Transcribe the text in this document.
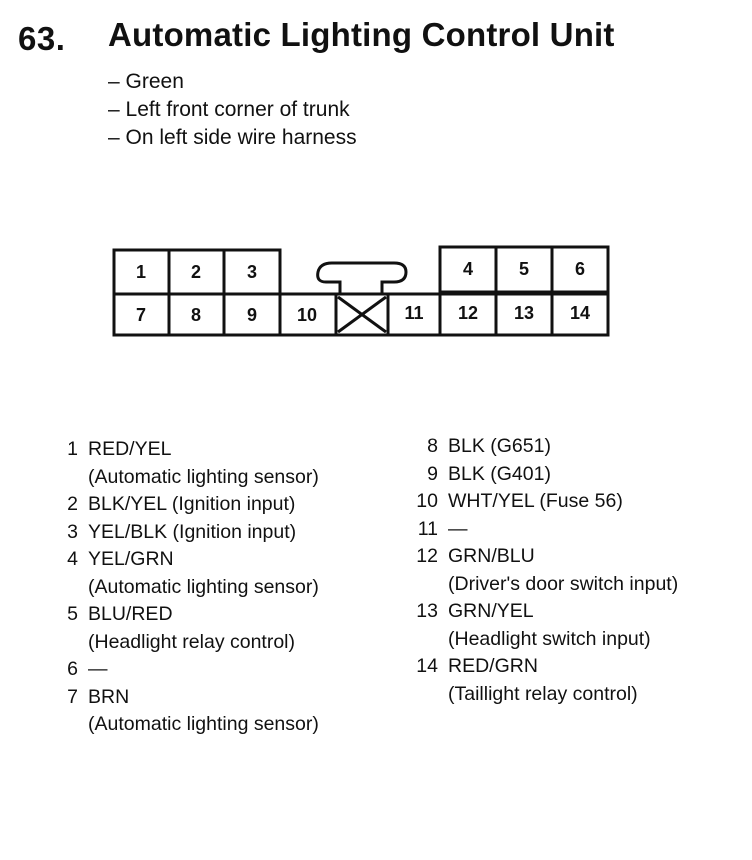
63. Automatic Lighting Control Unit
– Green
– Left front corner of trunk
– On left side wire harness
1 2	3	4	5	6
7 8	9 10	11 12 13 14
1 RED/YEL
(Automatic lighting sensor)
2 BLK/YEL (Ignition input)
3 YEL/BLK (Ignition input)
4 YEL/GRN
(Automatic lighting sensor)
5 BLU/RED
(Headlight relay control)
6 —
7 BRN
(Automatic lighting sensor)
8 BLK (G651)
9 BLK (G401)
10 WHT/YEL (Fuse 56)
11 —
12 GRN/BLU
(Driver's door switch input)
13 GRN/YEL
(Headlight switch input)
14 RED/GRN
(Taillight relay control)
